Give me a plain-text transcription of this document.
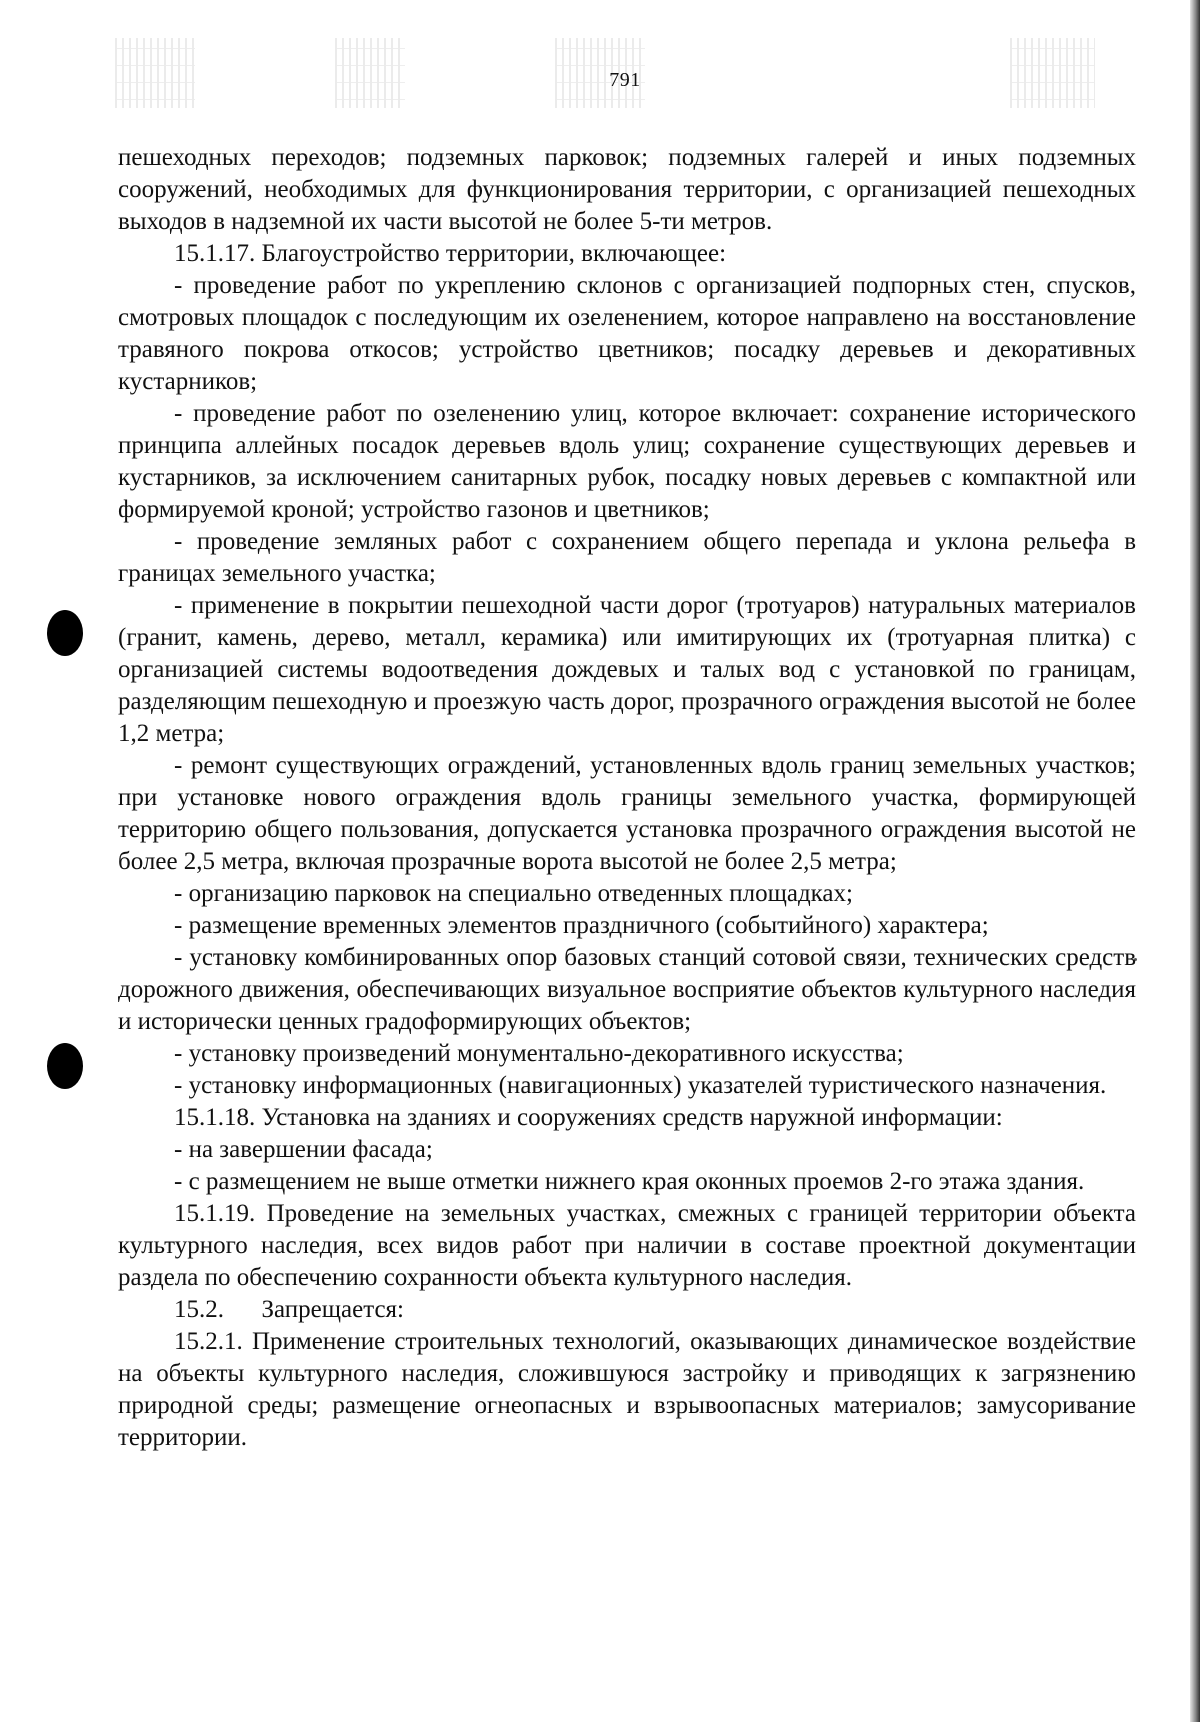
791

пешеходных переходов; подземных парковок; подземных галерей и иных подземных сооружений, необходимых для функционирования территории, с организацией пешеходных выходов в надземной их части высотой не более 5-ти метров.

15.1.17. Благоустройство территории, включающее:

- проведение работ по укреплению склонов с организацией подпорных стен, спусков, смотровых площадок с последующим их озеленением, которое направлено на восстановление травяного покрова откосов; устройство цветников; посадку деревьев и декоративных кустарников;

- проведение работ по озеленению улиц, которое включает: сохранение исторического принципа аллейных посадок деревьев вдоль улиц; сохранение существующих деревьев и кустарников, за исключением санитарных рубок, посадку новых деревьев с компактной или формируемой кроной; устройство газонов и цветников;

- проведение земляных работ с сохранением общего перепада и уклона рельефа в границах земельного участка;

- применение в покрытии пешеходной части дорог (тротуаров) натуральных материалов (гранит, камень, дерево, металл, керамика) или имитирующих их (тротуарная плитка) с организацией системы водоотведения дождевых и талых вод с установкой по границам, разделяющим пешеходную и проезжую часть дорог, прозрачного ограждения высотой не более 1,2 метра;

- ремонт существующих ограждений, установленных вдоль границ земельных участков; при установке нового ограждения вдоль границы земельного участка, формирующей территорию общего пользования, допускается установка прозрачного ограждения высотой не более 2,5 метра, включая прозрачные ворота высотой не более 2,5 метра;

- организацию парковок на специально отведенных площадках;

- размещение временных элементов праздничного (событийного) характера;

- установку комбинированных опор базовых станций сотовой связи, технических средств дорожного движения, обеспечивающих визуальное восприятие объектов культурного наследия и исторически ценных градоформирующих объектов;

- установку произведений монументально-декоративного искусства;

- установку информационных (навигационных) указателей туристического назначения.

15.1.18. Установка на зданиях и сооружениях средств наружной информации:

- на завершении фасада;

- с размещением не выше отметки нижнего края оконных проемов 2-го этажа здания.

15.1.19. Проведение на земельных участках, смежных с границей территории объекта культурного наследия, всех видов работ при наличии в составе проектной документации раздела по обеспечению сохранности объекта культурного наследия.

15.2.      Запрещается:

15.2.1. Применение строительных технологий, оказывающих динамическое воздействие на объекты культурного наследия, сложившуюся застройку и приводящих к загрязнению природной среды; размещение огнеопасных и взрывоопасных материалов; замусоривание территории.
